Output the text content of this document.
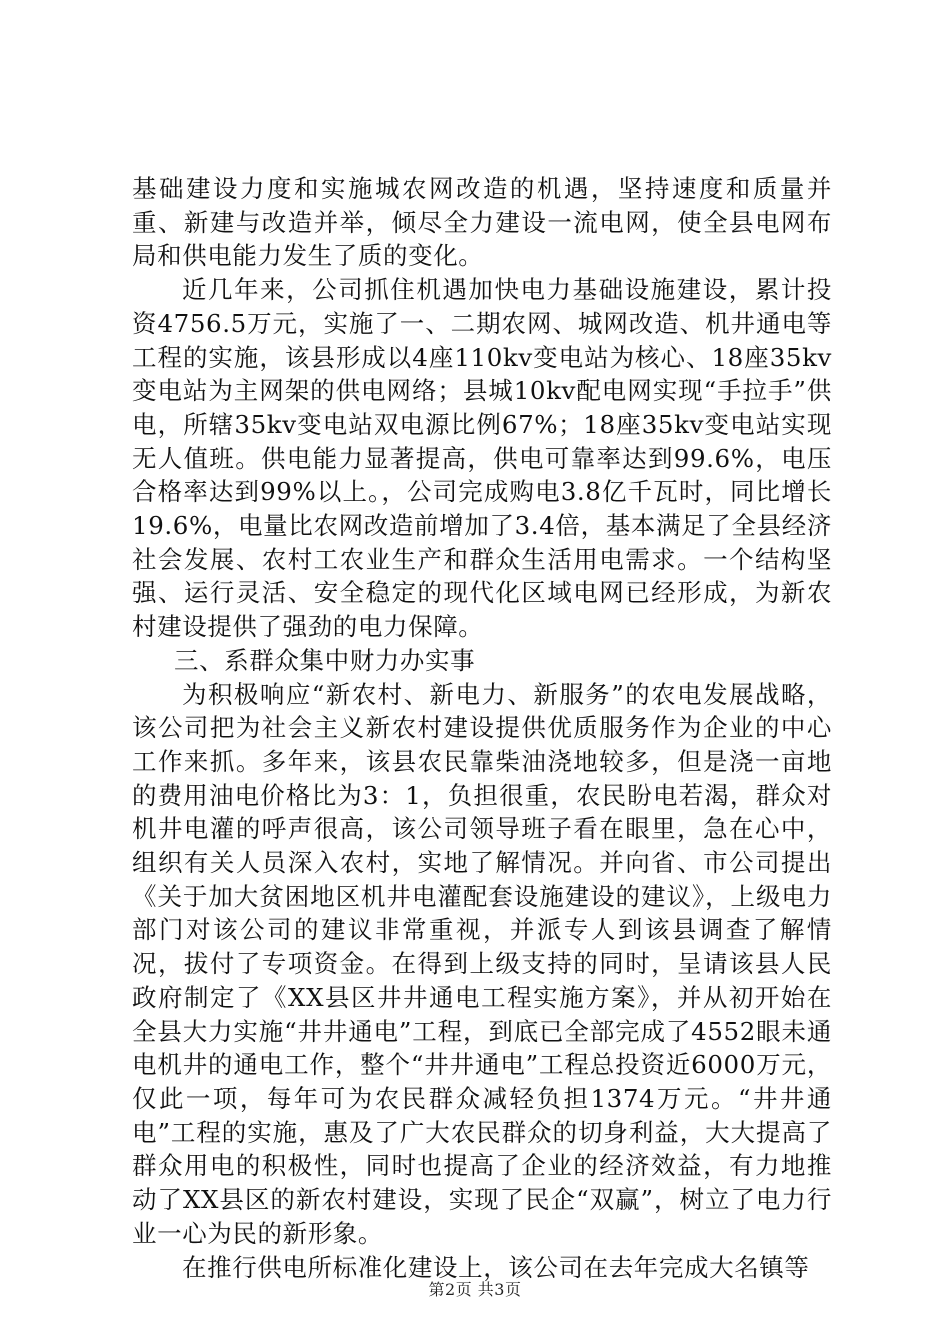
基础建设力度和实施城农网改造的机遇，坚持速度和质量并重、新建与改造并举，倾尽全力建设一流电网，使全县电网布局和供电能力发生了质的变化。

近几年来，公司抓住机遇加快电力基础设施建设，累计投资4756.5万元，实施了一、二期农网、城网改造、机井通电等工程的实施，该县形成以4座110kv变电站为核心、18座35kv变电站为主网架的供电网络；县城10kv配电网实现“手拉手”供电，所辖35kv变电站双电源比例67%；18座35kv变电站实现无人值班。供电能力显著提高，供电可靠率达到99.6%，电压合格率达到99%以上。，公司完成购电3.8亿千瓦时，同比增长19.6%，电量比农网改造前增加了3.4倍，基本满足了全县经济社会发展、农村工农业生产和群众生活用电需求。一个结构坚强、运行灵活、安全稳定的现代化区域电网已经形成，为新农村建设提供了强劲的电力保障。

三、系群众集中财力办实事

为积极响应“新农村、新电力、新服务”的农电发展战略，该公司把为社会主义新农村建设提供优质服务作为企业的中心工作来抓。多年来，该县农民靠柴油浇地较多，但是浇一亩地的费用油电价格比为3：1，负担很重，农民盼电若渴，群众对机井电灌的呼声很高，该公司领导班子看在眼里，急在心中，组织有关人员深入农村，实地了解情况。并向省、市公司提出《关于加大贫困地区机井电灌配套设施建设的建议》，上级电力部门对该公司的建议非常重视，并派专人到该县调查了解情况，拔付了专项资金。在得到上级支持的同时，呈请该县人民政府制定了《XX县区井井通电工程实施方案》，并从初开始在全县大力实施“井井通电”工程，到底已全部完成了4552眼未通电机井的通电工作，整个“井井通电”工程总投资近6000万元，仅此一项，每年可为农民群众减轻负担1374万元。“井井通电”工程的实施，惠及了广大农民群众的切身利益，大大提高了群众用电的积极性，同时也提高了企业的经济效益，有力地推动了XX县区的新农村建设，实现了民企“双赢”，树立了电力行业一心为民的新形象。

在推行供电所标准化建设上，该公司在去年完成大名镇等

第2页 共3页
